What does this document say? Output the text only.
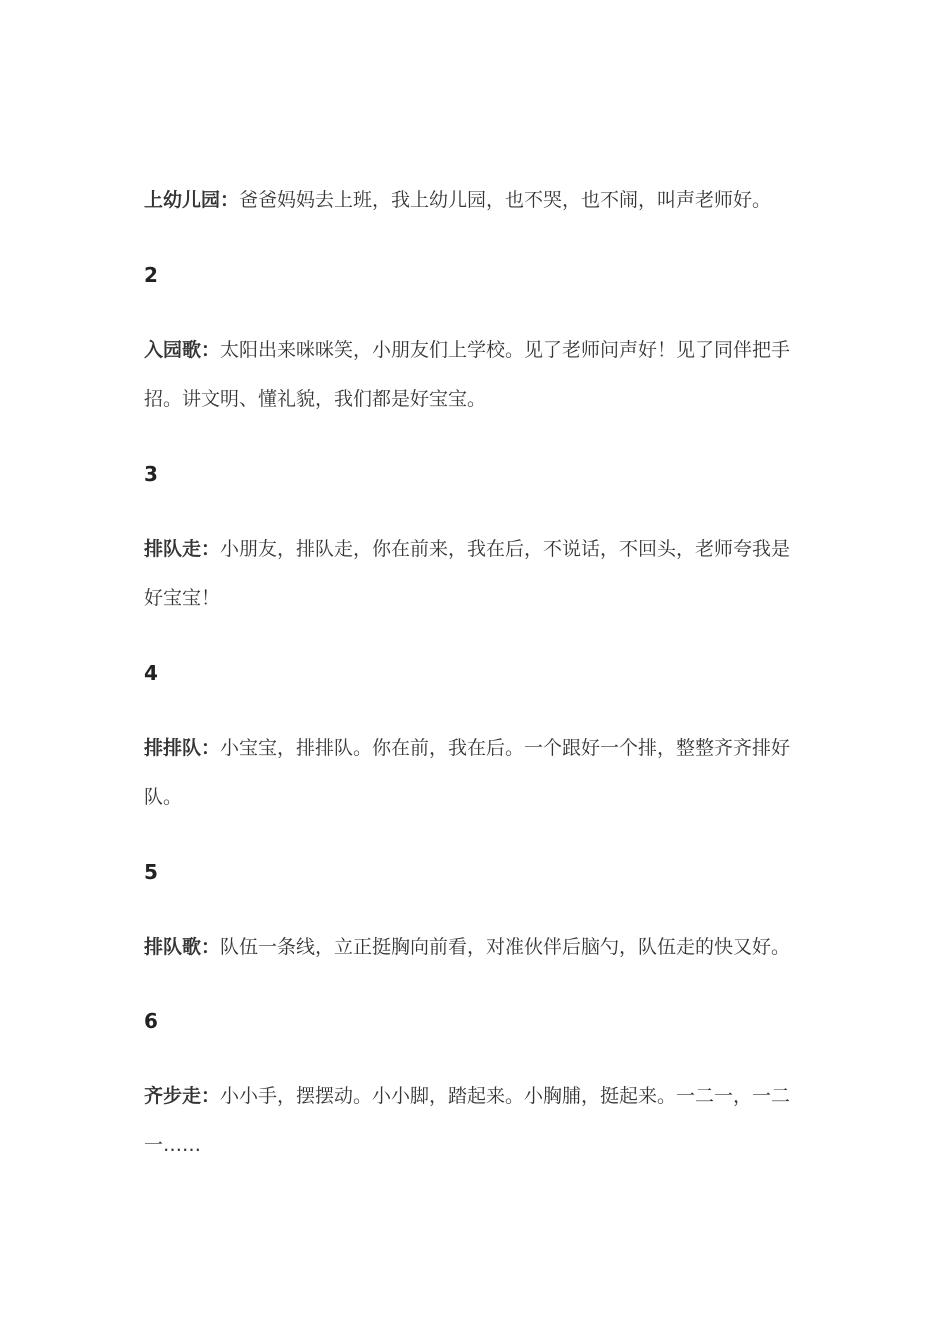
上幼儿园：爸爸妈妈去上班，我上幼儿园，也不哭，也不闹，叫声老师好。

2

入园歌：太阳出来咪咪笑，小朋友们上学校。见了老师问声好！见了同伴把手招。讲文明、懂礼貌，我们都是好宝宝。

3

排队走：小朋友，排队走，你在前来，我在后，不说话，不回头，老师夸我是好宝宝！

4

排排队：小宝宝，排排队。你在前，我在后。一个跟好一个排，整整齐齐排好队。

5

排队歌：队伍一条线，立正挺胸向前看，对准伙伴后脑勺，队伍走的快又好。

6

齐步走：小小手，摆摆动。小小脚，踏起来。小胸脯，挺起来。一二一，一二一……
